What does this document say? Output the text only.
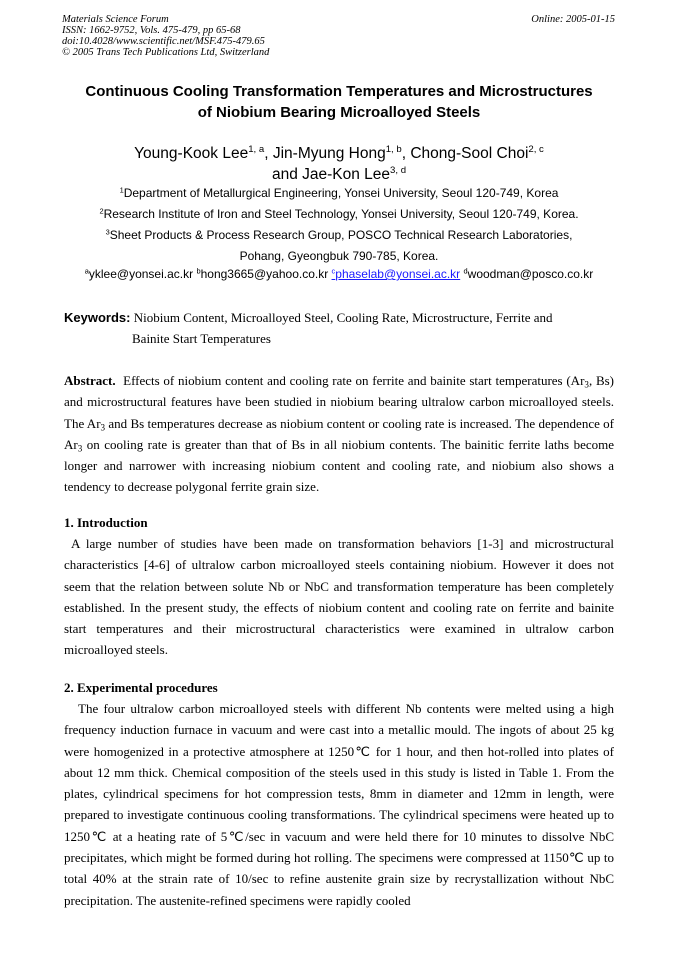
Materials Science Forum
ISSN: 1662-9752, Vols. 475-479, pp 65-68
doi:10.4028/www.scientific.net/MSF.475-479.65
© 2005 Trans Tech Publications Ltd, Switzerland
Online: 2005-01-15
Continuous Cooling Transformation Temperatures and Microstructures
of Niobium Bearing Microalloyed Steels
Young-Kook Lee$^{1, a}$, Jin-Myung Hong$^{1, b}$, Chong-Sool Choi$^{2, c}$
and Jae-Kon Lee$^{3, d}$
$^1$Department of Metallurgical Engineering, Yonsei University, Seoul 120-749, Korea
$^2$Research Institute of Iron and Steel Technology, Yonsei University, Seoul 120-749, Korea.
$^3$Sheet Products & Process Research Group, POSCO Technical Research Laboratories,
Pohang, Gyeongbuk 790-785, Korea.
$^a$yklee@yonsei.ac.kr $^b$hong3665@yahoo.co.kr $^c$phaselab@yonsei.ac.kr $^d$woodman@posco.co.kr
Keywords: Niobium Content, Microalloyed Steel, Cooling Rate, Microstructure, Ferrite and
Bainite Start Temperatures
Abstract. Effects of niobium content and cooling rate on ferrite and bainite start temperatures ($Ar_3$, Bs) and microstructural features have been studied in niobium bearing ultralow carbon microalloyed steels. The $Ar_3$ and Bs temperatures decrease as niobium content or cooling rate is increased. The dependence of $Ar_3$ on cooling rate is greater than that of Bs in all niobium contents. The bainitic ferrite laths become longer and narrower with increasing niobium content and cooling rate, and niobium also shows a tendency to decrease polygonal ferrite grain size.
1. Introduction
A large number of studies have been made on transformation behaviors [1-3] and microstructural characteristics [4-6] of ultralow carbon microalloyed steels containing niobium. However it does not seem that the relation between solute Nb or NbC and transformation temperature has been completely established. In the present study, the effects of niobium content and cooling rate on ferrite and bainite start temperatures and their microstructural characteristics were examined in ultralow carbon microalloyed steels.
2. Experimental procedures
The four ultralow carbon microalloyed steels with different Nb contents were melted using a high frequency induction furnace in vacuum and were cast into a metallic mould. The ingots of about 25 kg were homogenized in a protective atmosphere at 1250℃ for 1 hour, and then hot-rolled into plates of about 12 mm thick. Chemical composition of the steels used in this study is listed in Table 1. From the plates, cylindrical specimens for hot compression tests, 8mm in diameter and 12mm in length, were prepared to investigate continuous cooling transformations. The cylindrical specimens were heated up to 1250℃ at a heating rate of 5℃/sec in vacuum and were held there for 10 minutes to dissolve NbC precipitates, which might be formed during hot rolling. The specimens were compressed at 1150℃ up to total 40% at the strain rate of 10/sec to refine austenite grain size by recrystallization without NbC precipitation. The austenite-refined specimens were rapidly cooled
